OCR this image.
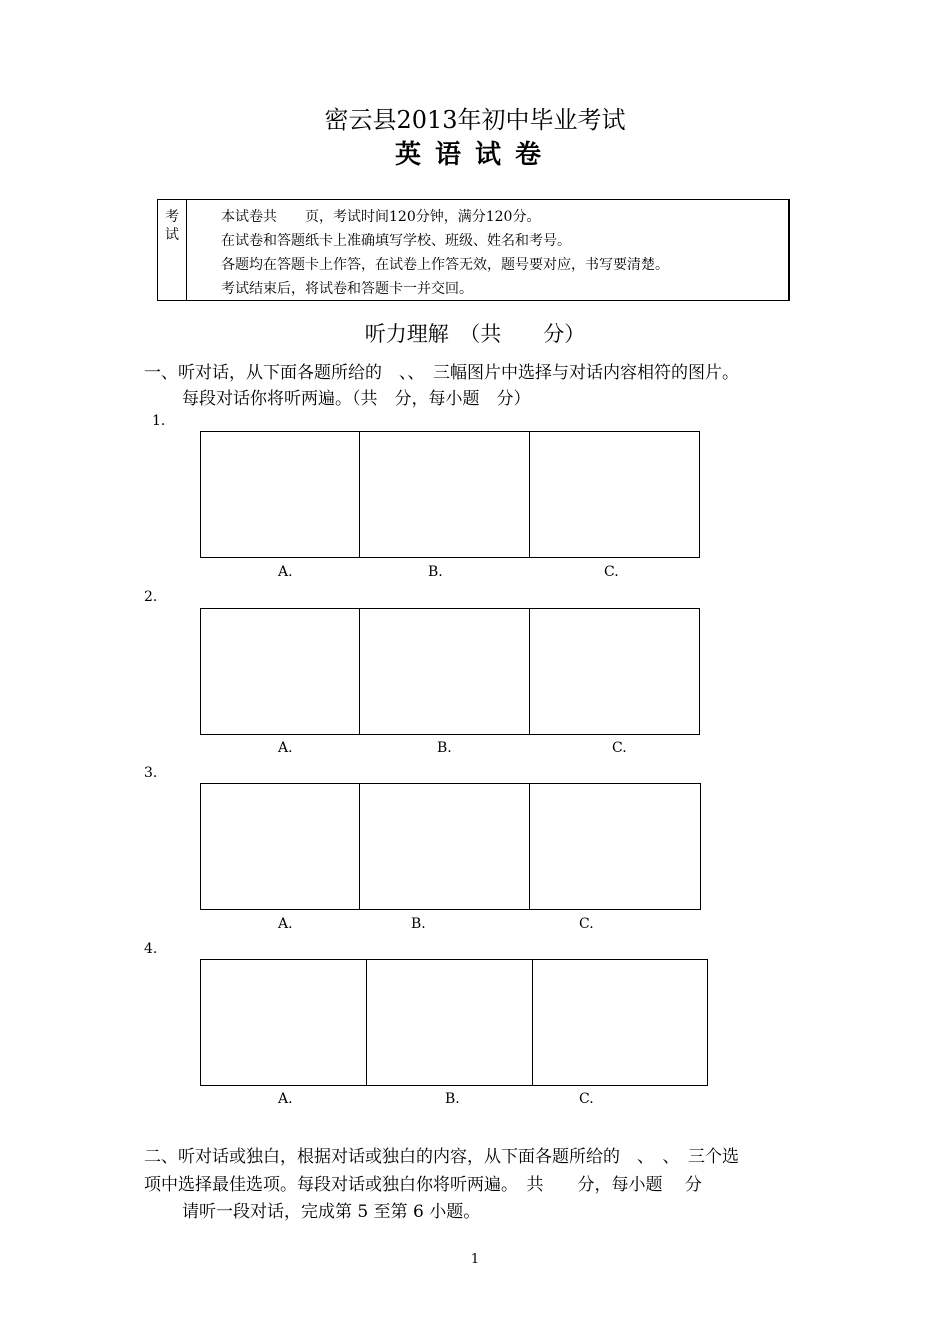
密云县2013年初中毕业考试
英语试卷
考
试
本试卷共　　页，考试时间120分钟，满分120分。
在试卷和答题纸卡上准确填写学校、班级、姓名和考号。
各题均在答题卡上作答，在试卷上作答无效，题号要对应，书写要清楚。
考试结束后，将试卷和答题卡一并交回。
听力理解　（共　　分）
一、听对话，从下面各题所给的　、、　三幅图片中选择与对话内容相符的图片。
每段对话你将听两遍。（共　分，每小题　分）
1.
A.	B.	C.
2.
A.	B.	C.
3.
A.	B.	C.
4.
A.	B.	C.
二、听对话或独白，根据对话或独白的内容，从下面各题所给的　、　、　三个选
项中选择最佳选项。每段对话或独白你将听两遍。　共　　分，每小题　 分
请听一段对话，完成第 5 至第 6 小题。
1
